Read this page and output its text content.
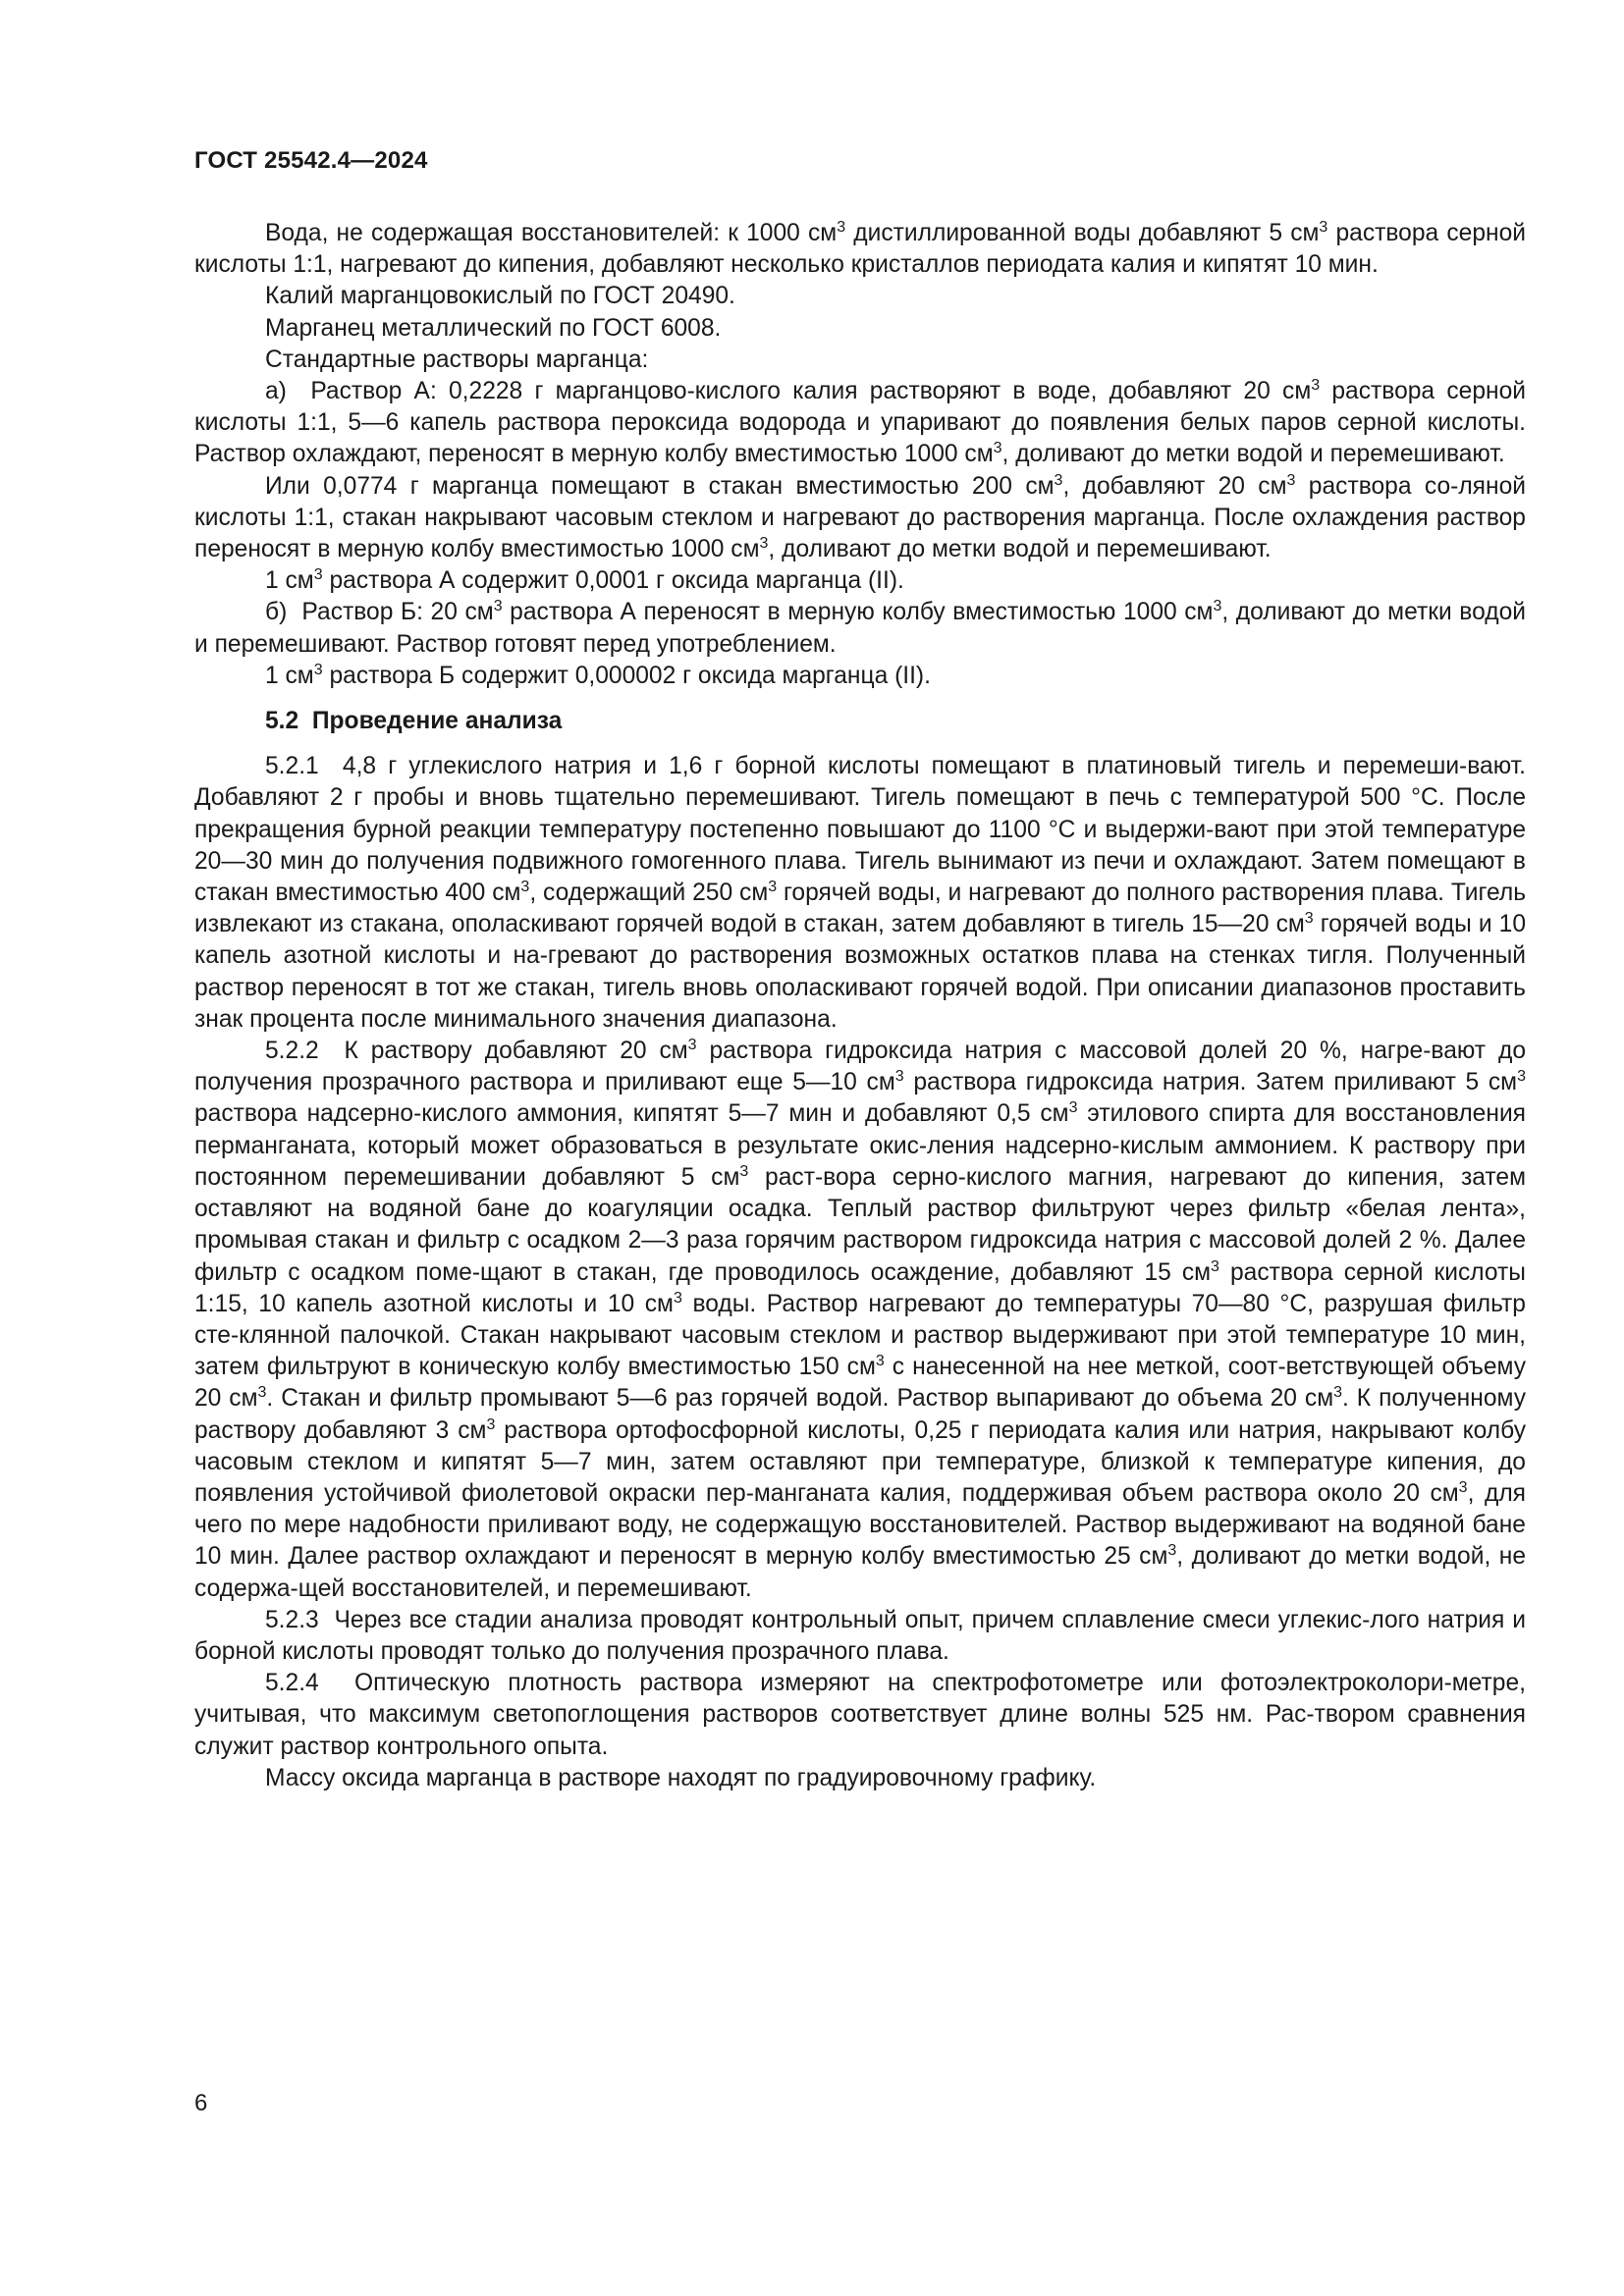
ГОСТ 25542.4—2024

Вода, не содержащая восстановителей: к 1000 $см^3$ дистиллированной воды добавляют 5 $см^3$ раствора серной кислоты 1:1, нагревают до кипения, добавляют несколько кристаллов периодата калия и кипятят 10 мин.

Калий марганцовокислый по ГОСТ 20490.

Марганец металлический по ГОСТ 6008.

Стандартные растворы марганца:

а)  Раствор А: 0,2228 г марганцово-кислого калия растворяют в воде, добавляют 20 $см^3$ раствора серной кислоты 1:1, 5—6 капель раствора пероксида водорода и упаривают до появления белых паров серной кислоты. Раствор охлаждают, переносят в мерную колбу вместимостью 1000 $см^3$, доливают до метки водой и перемешивают.

Или 0,0774 г марганца помещают в стакан вместимостью 200 $см^3$, добавляют 20 $см^3$ раствора со-ляной кислоты 1:1, стакан накрывают часовым стеклом и нагревают до растворения марганца. После охлаждения раствор переносят в мерную колбу вместимостью 1000 $см^3$, доливают до метки водой и перемешивают.

1 $см^3$ раствора А содержит 0,0001 г оксида марганца (II).

б)  Раствор Б: 20 $см^3$ раствора А переносят в мерную колбу вместимостью 1000 $см^3$, доливают до метки водой и перемешивают. Раствор готовят перед употреблением.

1 $см^3$ раствора Б содержит 0,000002 г оксида марганца (II).

5.2  Проведение анализа

5.2.1  4,8 г углекислого натрия и 1,6 г борной кислоты помещают в платиновый тигель и перемеши-вают. Добавляют 2 г пробы и вновь тщательно перемешивают. Тигель помещают в печь с температурой 500 °C. После прекращения бурной реакции температуру постепенно повышают до 1100 °C и выдержи-вают при этой температуре 20—30 мин до получения подвижного гомогенного плава. Тигель вынимают из печи и охлаждают. Затем помещают в стакан вместимостью 400 $см^3$, содержащий 250 $см^3$ горячей воды, и нагревают до полного растворения плава. Тигель извлекают из стакана, ополаскивают горячей водой в стакан, затем добавляют в тигель 15—20 $см^3$ горячей воды и 10 капель азотной кислоты и на-гревают до растворения возможных остатков плава на стенках тигля. Полученный раствор переносят в тот же стакан, тигель вновь ополаскивают горячей водой. При описании диапазонов проставить знак процента после минимального значения диапазона.

5.2.2  К раствору добавляют 20 $см^3$ раствора гидроксида натрия с массовой долей 20 %, нагре-вают до получения прозрачного раствора и приливают еще 5—10 $см^3$ раствора гидроксида натрия. Затем приливают 5 $см^3$ раствора надсерно-кислого аммония, кипятят 5—7 мин и добавляют 0,5 $см^3$ этилового спирта для восстановления перманганата, который может образоваться в результате окис-ления надсерно-кислым аммонием. К раствору при постоянном перемешивании добавляют 5 $см^3$ раст-вора серно-кислого магния, нагревают до кипения, затем оставляют на водяной бане до коагуляции осадка. Теплый раствор фильтруют через фильтр «белая лента», промывая стакан и фильтр с осадком 2—3 раза горячим раствором гидроксида натрия с массовой долей 2 %. Далее фильтр с осадком поме-щают в стакан, где проводилось осаждение, добавляют 15 $см^3$ раствора серной кислоты 1:15, 10 капель азотной кислоты и 10 $см^3$ воды. Раствор нагревают до температуры 70—80 °C, разрушая фильтр сте-клянной палочкой. Стакан накрывают часовым стеклом и раствор выдерживают при этой температуре 10 мин, затем фильтруют в коническую колбу вместимостью 150 $см^3$ с нанесенной на нее меткой, соот-ветствующей объему 20 $см^3$. Стакан и фильтр промывают 5—6 раз горячей водой. Раствор выпаривают до объема 20 $см^3$. К полученному раствору добавляют 3 $см^3$ раствора ортофосфорной кислоты, 0,25 г периодата калия или натрия, накрывают колбу часовым стеклом и кипятят 5—7 мин, затем оставляют при температуре, близкой к температуре кипения, до появления устойчивой фиолетовой окраски пер-манганата калия, поддерживая объем раствора около 20 $см^3$, для чего по мере надобности приливают воду, не содержащую восстановителей. Раствор выдерживают на водяной бане 10 мин. Далее раствор охлаждают и переносят в мерную колбу вместимостью 25 $см^3$, доливают до метки водой, не содержа-щей восстановителей, и перемешивают.

5.2.3  Через все стадии анализа проводят контрольный опыт, причем сплавление смеси углекис-лого натрия и борной кислоты проводят только до получения прозрачного плава.

5.2.4  Оптическую плотность раствора измеряют на спектрофотометре или фотоэлектроколори-метре, учитывая, что максимум светопоглощения растворов соответствует длине волны 525 нм. Рас-твором сравнения служит раствор контрольного опыта.

Массу оксида марганца в растворе находят по градуировочному графику.

6
